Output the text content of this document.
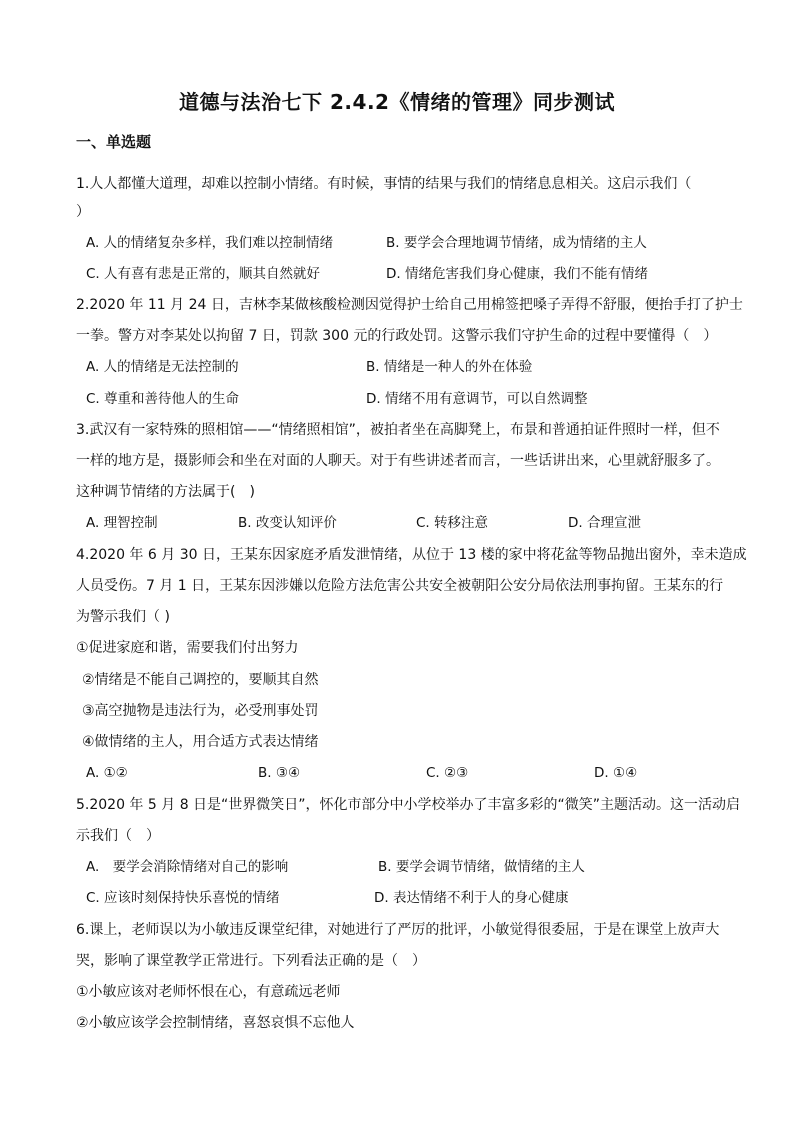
道德与法治七下 2.4.2《情绪的管理》同步测试
一、单选题
1.人人都懂大道理，却难以控制小情绪。有时候，事情的结果与我们的情绪息息相关。这启示我们（
）
A. 人的情绪复杂多样，我们难以控制情绪	B. 要学会合理地调节情绪，成为情绪的主人
C. 人有喜有悲是正常的，顺其自然就好	D. 情绪危害我们身心健康，我们不能有情绪
2.2020 年 11 月 24 日，吉林李某做核酸检测因觉得护士给自己用棉签把嗓子弄得不舒服，便抬手打了护士
一拳。警方对李某处以拘留 7 日，罚款 300 元的行政处罚。这警示我们守护生命的过程中要懂得（　）
A. 人的情绪是无法控制的	B. 情绪是一种人的外在体验
C. 尊重和善待他人的生命	D. 情绪不用有意调节，可以自然调整
3.武汉有一家特殊的照相馆——“情绪照相馆”，被拍者坐在高脚凳上，布景和普通拍证件照时一样，但不
一样的地方是，摄影师会和坐在对面的人聊天。对于有些讲述者而言，一些话讲出来，心里就舒服多了。
这种调节情绪的方法属于(　)
A. 理智控制	B. 改变认知评价	C. 转移注意	D. 合理宣泄
4.2020 年 6 月 30 日，王某东因家庭矛盾发泄情绪，从位于 13 楼的家中将花盆等物品抛出窗外，幸未造成
人员受伤。7 月 1 日，王某东因涉嫌以危险方法危害公共安全被朝阳公安分局依法刑事拘留。王某东的行
为警示我们（ )
①促进家庭和谐，需要我们付出努力
②情绪是不能自己调控的，要顺其自然
③高空抛物是违法行为，必受刑事处罚
④做情绪的主人，用合适方式表达情绪
A. ①②	B. ③④	C. ②③	D. ①④
5.2020 年 5 月 8 日是“世界微笑日”，怀化市部分中小学校举办了丰富多彩的“微笑”主题活动。这一活动启
示我们（　）
A.　要学会消除情绪对自己的影响	B. 要学会调节情绪，做情绪的主人
C. 应该时刻保持快乐喜悦的情绪	D. 表达情绪不利于人的身心健康
6.课上，老师误以为小敏违反课堂纪律，对她进行了严厉的批评，小敏觉得很委屈，于是在课堂上放声大
哭，影响了课堂教学正常进行。下列看法正确的是（　）
①小敏应该对老师怀恨在心，有意疏远老师
②小敏应该学会控制情绪，喜怒哀惧不忘他人
